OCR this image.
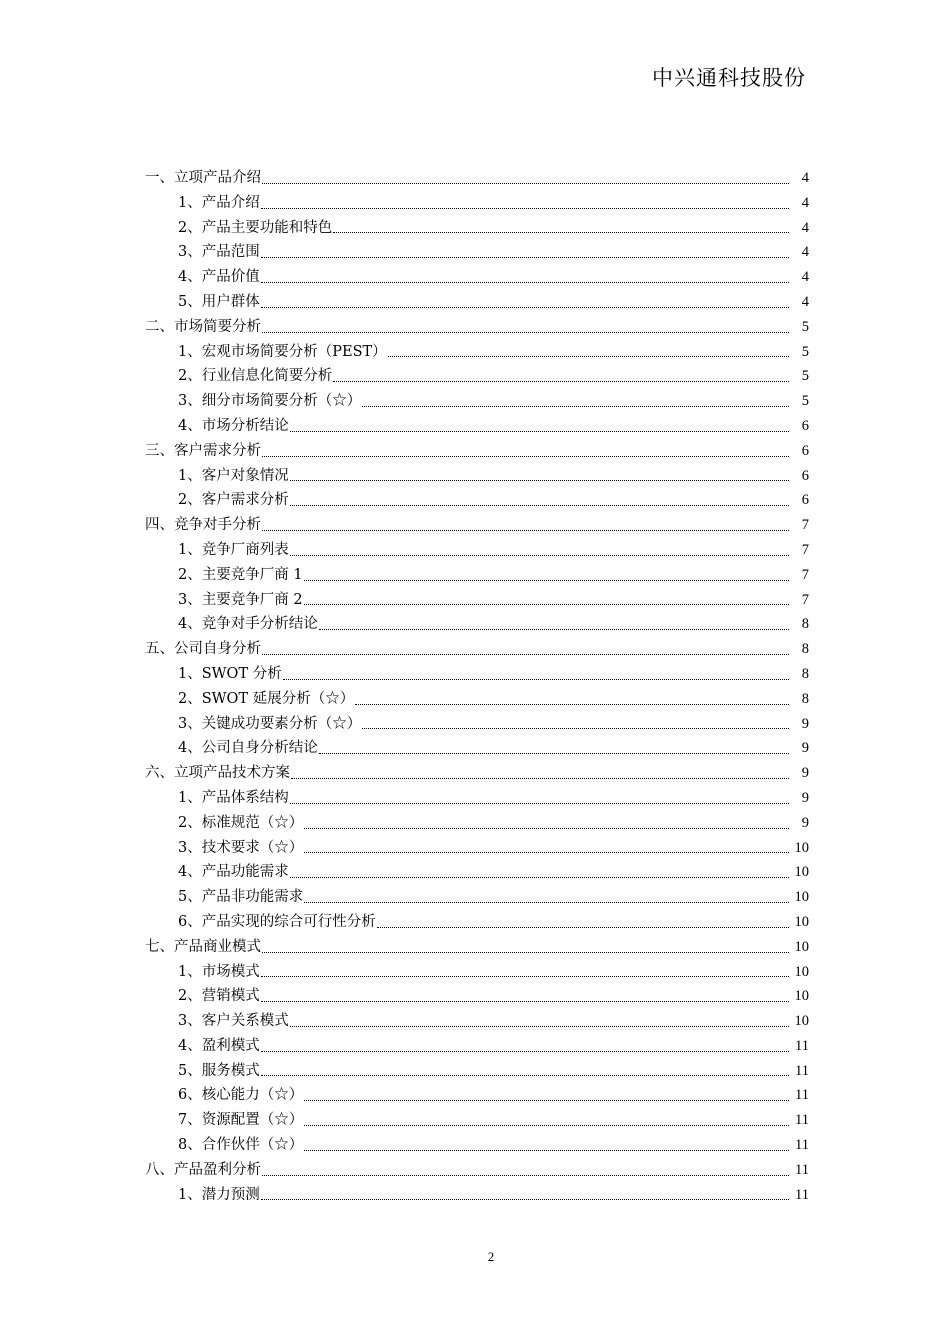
中兴通科技股份
一、立项产品介绍	4
1、产品介绍	4
2、产品主要功能和特色	4
3、产品范围	4
4、产品价值	4
5、用户群体	4
二、市场简要分析	5
1、宏观市场简要分析（PEST）	5
2、行业信息化简要分析	5
3、细分市场简要分析（☆）	5
4、市场分析结论	6
三、客户需求分析	6
1、客户对象情况	6
2、客户需求分析	6
四、竞争对手分析	7
1、竞争厂商列表	7
2、主要竞争厂商 1	7
3、主要竞争厂商 2	7
4、竞争对手分析结论	8
五、公司自身分析	8
1、SWOT 分析	8
2、SWOT 延展分析（☆）	8
3、关键成功要素分析（☆）	9
4、公司自身分析结论	9
六、立项产品技术方案	9
1、产品体系结构	9
2、标准规范（☆）	9
3、技术要求（☆）	10
4、产品功能需求	10
5、产品非功能需求	10
6、产品实现的综合可行性分析	10
七、产品商业模式	10
1、市场模式	10
2、营销模式	10
3、客户关系模式	10
4、盈利模式	11
5、服务模式	11
6、核心能力（☆）	11
7、资源配置（☆）	11
8、合作伙伴（☆）	11
八、产品盈利分析	11
1、潜力预测	11
2
